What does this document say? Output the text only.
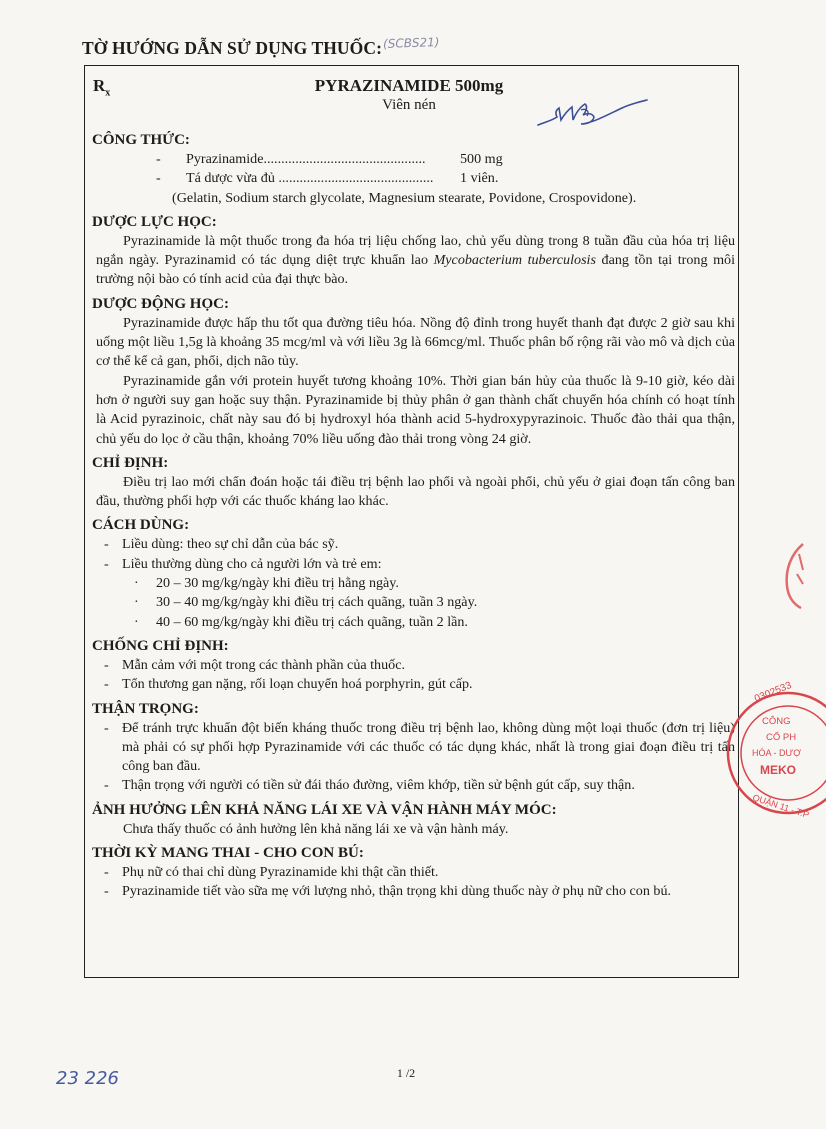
TỜ HƯỚNG DẪN SỬ DỤNG THUỐC: (SCBS21)
$R_x$	PYRAZINAMIDE 500mg
Viên nén
CÔNG THỨC:
-	Pyrazinamide..............................................	500 mg
-	Tá dược vừa đủ ............................................	1 viên.
(Gelatin, Sodium starch glycolate, Magnesium stearate, Povidone, Crospovidone).
DƯỢC LỰC HỌC:
Pyrazinamide là một thuốc trong đa hóa trị liệu chống lao, chủ yếu dùng trong 8 tuần đầu của hóa trị liệu ngắn ngày. Pyrazinamid có tác dụng diệt trực khuẩn lao Mycobacterium tuberculosis đang tồn tại trong môi trường nội bào có tính acid của đại thực bào.
DƯỢC ĐỘNG HỌC:
Pyrazinamide được hấp thu tốt qua đường tiêu hóa. Nồng độ đỉnh trong huyết thanh đạt được 2 giờ sau khi uống một liều 1,5g là khoảng 35 mcg/ml và với liều 3g là 66mcg/ml. Thuốc phân bố rộng rãi vào mô và dịch của cơ thể kể cả gan, phổi, dịch não tủy.
Pyrazinamide gắn với protein huyết tương khoảng 10%. Thời gian bán hủy của thuốc là 9-10 giờ, kéo dài hơn ở người suy gan hoặc suy thận. Pyrazinamide bị thủy phân ở gan thành chất chuyển hóa chính có hoạt tính là Acid pyrazinoic, chất này sau đó bị hydroxyl hóa thành acid 5-hydroxypyrazinoic. Thuốc đào thải qua thận, chủ yếu do lọc ở cầu thận, khoảng 70% liều uống đào thải trong vòng 24 giờ.
CHỈ ĐỊNH:
Điều trị lao mới chẩn đoán hoặc tái điều trị bệnh lao phổi và ngoài phổi, chủ yếu ở giai đoạn tấn công ban đầu, thường phối hợp với các thuốc kháng lao khác.
CÁCH DÙNG:
- Liều dùng: theo sự chỉ dẫn của bác sỹ.
- Liều thường dùng cho cả người lớn và trẻ em:
·	20 – 30 mg/kg/ngày khi điều trị hằng ngày.
·	30 – 40 mg/kg/ngày khi điều trị cách quãng, tuần 3 ngày.
·	40 – 60 mg/kg/ngày khi điều trị cách quãng, tuần 2 lần.
CHỐNG CHỈ ĐỊNH:
- Mẫn cảm với một trong các thành phần của thuốc.
- Tổn thương gan nặng, rối loạn chuyển hoá porphyrin, gút cấp.
THẬN TRỌNG:
- Để tránh trực khuẩn đột biến kháng thuốc trong điều trị bệnh lao, không dùng một loại thuốc (đơn trị liệu) mà phải có sự phối hợp Pyrazinamide với các thuốc có tác dụng khác, nhất là trong giai đoạn điều trị tấn công ban đầu.
- Thận trọng với người có tiền sử đái tháo đường, viêm khớp, tiền sử bệnh gút cấp, suy thận.
ẢNH HƯỞNG LÊN KHẢ NĂNG LÁI XE VÀ VẬN HÀNH MÁY MÓC:
Chưa thấy thuốc có ảnh hưởng lên khả năng lái xe và vận hành máy.
THỜI KỲ MANG THAI - CHO CON BÚ:
- Phụ nữ có thai chỉ dùng Pyrazinamide khi thật cần thiết.
- Pyrazinamide tiết vào sữa mẹ với lượng nhỏ, thận trọng khi dùng thuốc này ở phụ nữ cho con bú.
0302533
CÔNG
CỔ PH
HÓA - DƯỢ
MEKO
QUẬN 11 - T.P
1 /2
23 226
